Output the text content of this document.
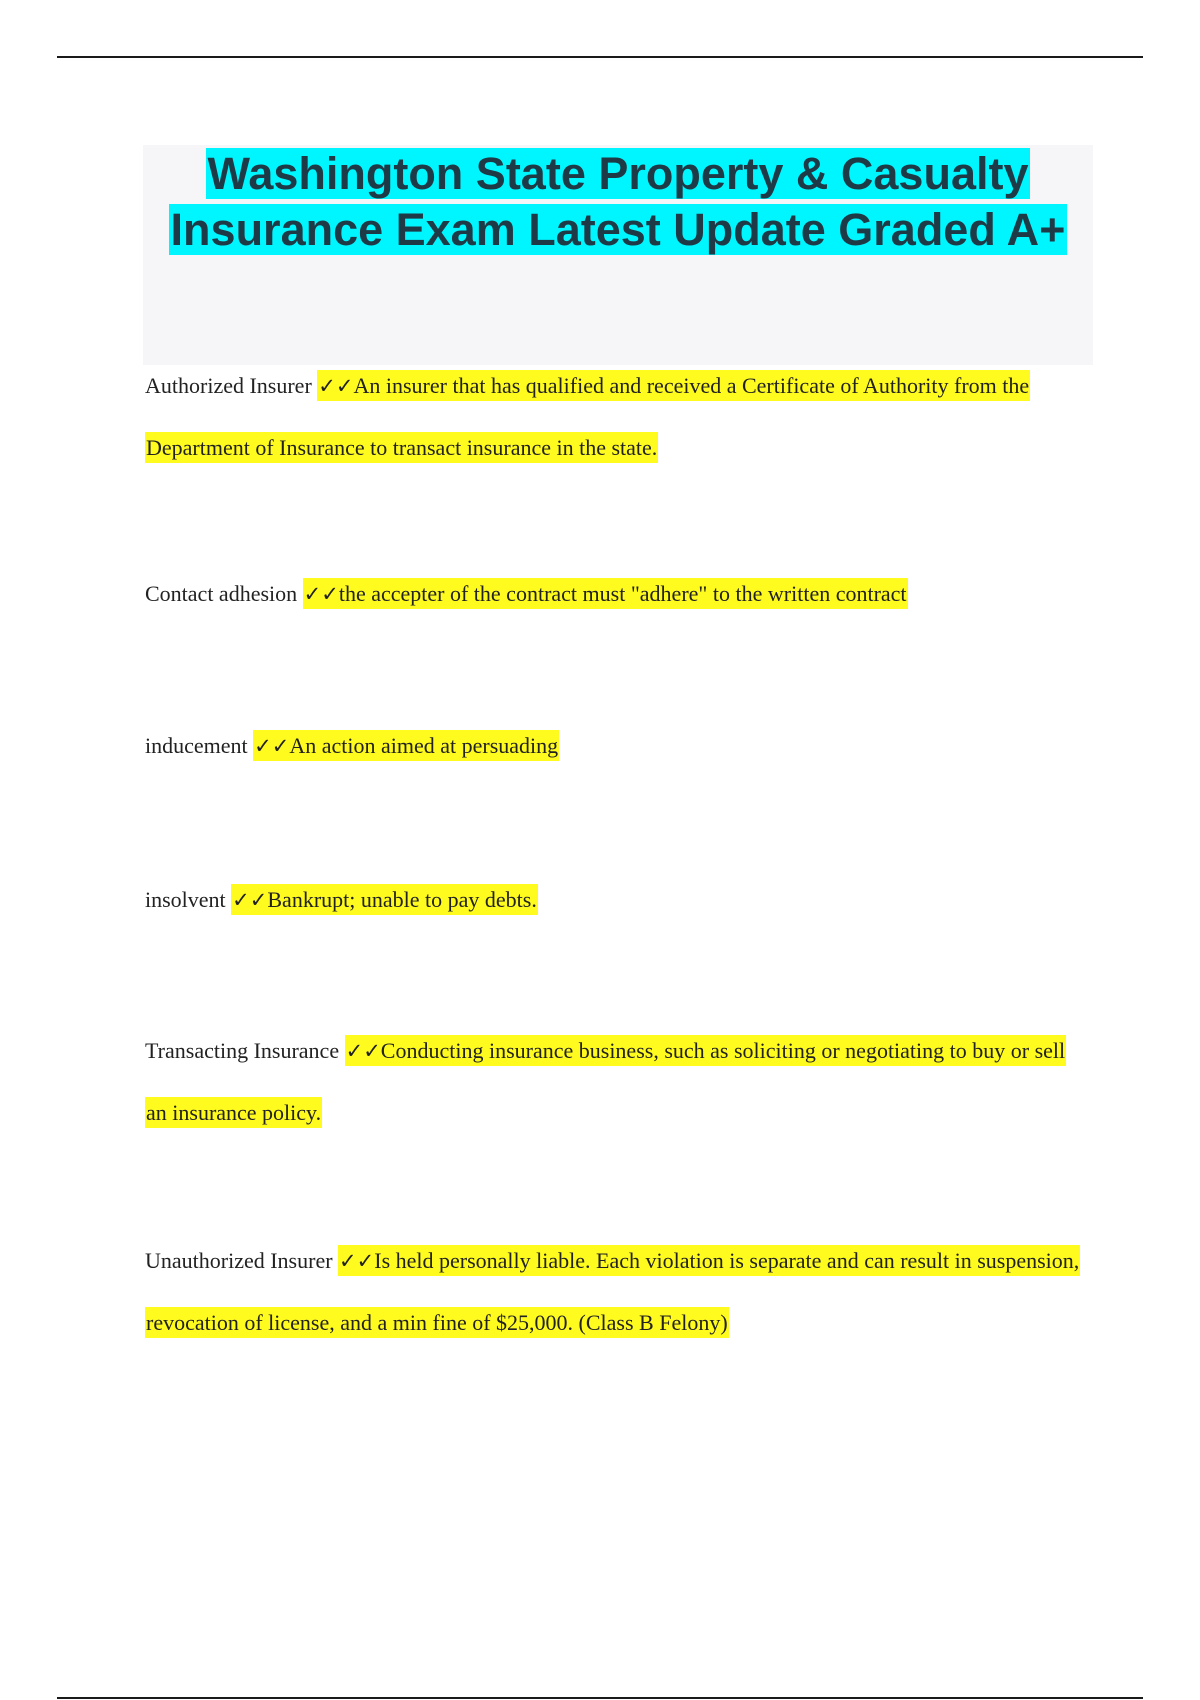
Washington State Property & Casualty Insurance Exam Latest Update Graded A+
Authorized Insurer ✓✓An insurer that has qualified and received a Certificate of Authority from the Department of Insurance to transact insurance in the state.
Contact adhesion ✓✓the accepter of the contract must "adhere" to the written contract
inducement ✓✓An action aimed at persuading
insolvent ✓✓Bankrupt; unable to pay debts.
Transacting Insurance ✓✓Conducting insurance business, such as soliciting or negotiating to buy or sell an insurance policy.
Unauthorized Insurer ✓✓Is held personally liable. Each violation is separate and can result in suspension, revocation of license, and a min fine of $25,000. (Class B Felony)
